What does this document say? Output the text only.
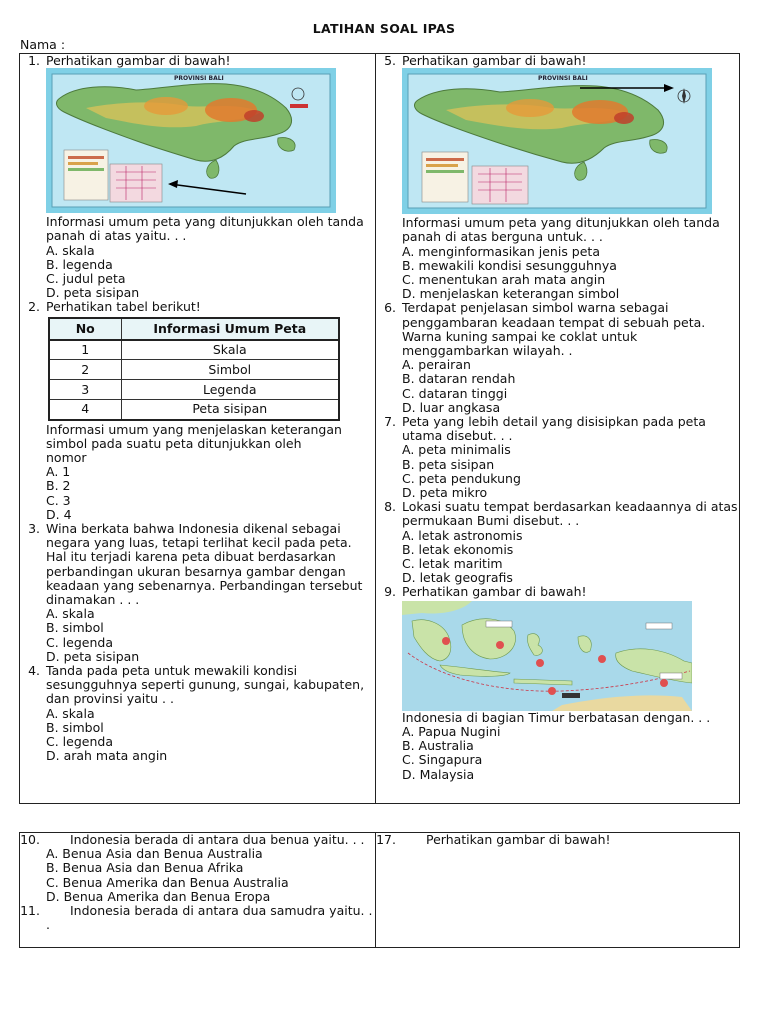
LATIHAN SOAL IPAS
Nama :
1. Perhatikan gambar di bawah!
PROVINSI BALI
Informasi umum peta yang ditunjukkan oleh tanda panah di atas yaitu. . .
A. skala
B. legenda
C. judul peta
D. peta sisipan
2. Perhatikan tabel berikut!
No	Informasi Umum Peta
1	Skala
2	Simbol
3	Legenda
4	Peta sisipan
Informasi umum yang menjelaskan keterangan simbol pada suatu peta ditunjukkan oleh nomor
A. 1
B. 2
C. 3
D. 4
3. Wina berkata bahwa Indonesia dikenal sebagai negara yang luas, tetapi terlihat kecil pada peta. Hal itu terjadi karena peta dibuat berdasarkan perbandingan ukuran besarnya gambar dengan keadaan yang sebenarnya. Perbandingan tersebut dinamakan . . .
A. skala
B. simbol
C. legenda
D. peta sisipan
4. Tanda pada peta untuk mewakili kondisi sesungguhnya seperti gunung, sungai, kabupaten, dan provinsi yaitu . .
A. skala
B. simbol
C. legenda
D. arah mata angin
5. Perhatikan gambar di bawah!
PROVINSI BALI
Informasi umum peta yang ditunjukkan oleh tanda panah di atas berguna untuk. . .
A. menginformasikan jenis peta
B. mewakili kondisi sesungguhnya
C. menentukan arah mata angin
D. menjelaskan keterangan simbol
6. Terdapat penjelasan simbol warna sebagai penggambaran keadaan tempat di sebuah peta. Warna kuning sampai ke coklat untuk menggambarkan wilayah. .
A. perairan
B. dataran rendah
C. dataran tinggi
D. luar angkasa
7. Peta yang lebih detail yang disisipkan pada peta utama disebut. . .
A. peta minimalis
B. peta sisipan
C. peta pendukung
D. peta mikro
8. Lokasi suatu tempat berdasarkan keadaannya di atas permukaan Bumi disebut. . .
A. letak astronomis
B. letak ekonomis
C. letak maritim
D. letak geografis
9. Perhatikan gambar di bawah!
Indonesia di bagian Timur berbatasan dengan. . .
A. Papua Nugini
B. Australia
C. Singapura
D. Malaysia
10.	Indonesia berada di antara dua benua yaitu. . .
A. Benua Asia dan Benua Australia
B. Benua Asia dan Benua Afrika
C. Benua Amerika dan Benua Australia
D. Benua Amerika dan Benua Eropa
11.	Indonesia berada di antara dua samudra yaitu. . .
17.	Perhatikan gambar di bawah!
